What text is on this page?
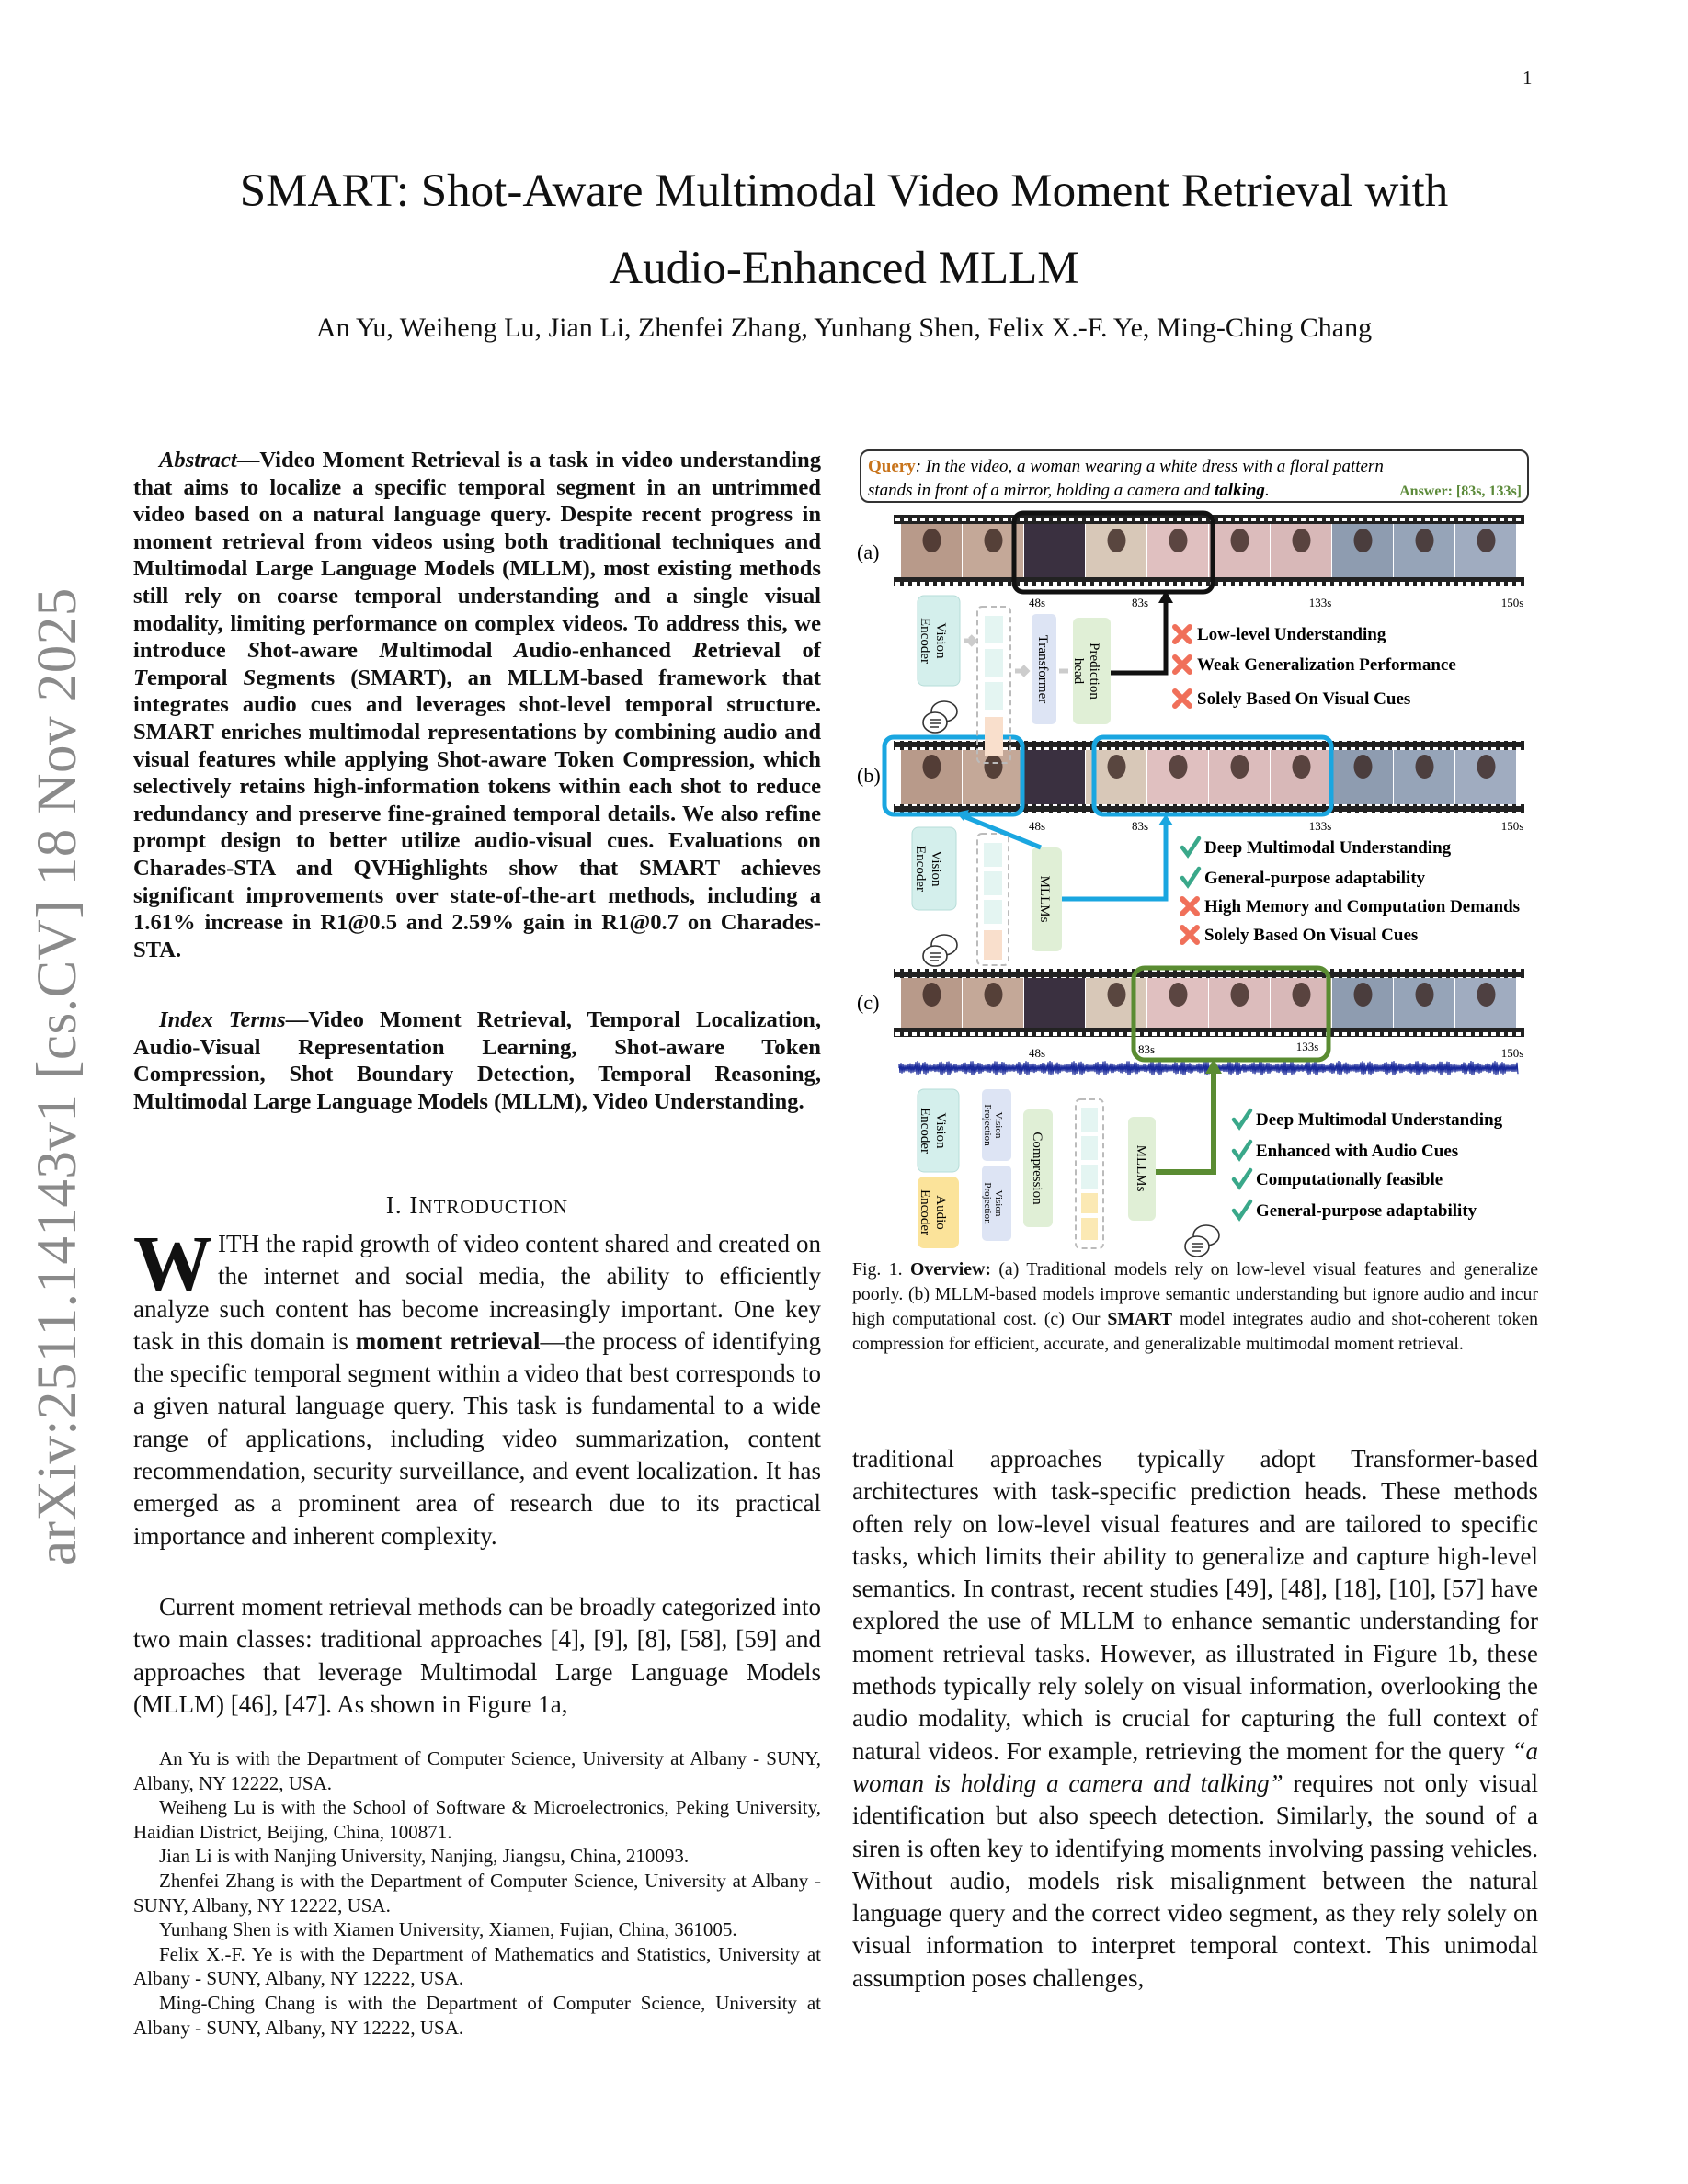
1
SMART: Shot-Aware Multimodal Video Moment Retrieval with
Audio-Enhanced MLLM
An Yu, Weiheng Lu, Jian Li, Zhenfei Zhang, Yunhang Shen, Felix X.-F. Ye, Ming-Ching Chang
arXiv:2511.14143v1 [cs.CV] 18 Nov 2025
Abstract—Video Moment Retrieval is a task in video understanding that aims to localize a specific temporal segment in an untrimmed video based on a natural language query. Despite recent progress in moment retrieval from videos using both traditional techniques and Multimodal Large Language Models (MLLM), most existing methods still rely on coarse temporal understanding and a single visual modality, limiting performance on complex videos. To address this, we introduce Shot-aware Multimodal Audio-enhanced Retrieval of Temporal Segments (SMART), an MLLM-based framework that integrates audio cues and leverages shot-level temporal structure. SMART enriches multimodal representations by combining audio and visual features while applying Shot-aware Token Compression, which selectively retains high-information tokens within each shot to reduce redundancy and preserve fine-grained temporal details. We also refine prompt design to better utilize audio-visual cues. Evaluations on Charades-STA and QVHighlights show that SMART achieves significant improvements over state-of-the-art methods, including a 1.61% increase in R1@0.5 and 2.59% gain in R1@0.7 on Charades-STA.
Index Terms—Video Moment Retrieval, Temporal Localization, Audio-Visual Representation Learning, Shot-aware Token Compression, Shot Boundary Detection, Temporal Reasoning, Multimodal Large Language Models (MLLM), Video Understanding.
I. INTRODUCTION
WITH the rapid growth of video content shared and created on the internet and social media, the ability to efficiently analyze such content has become increasingly important. One key task in this domain is moment retrieval—the process of identifying the specific temporal segment within a video that best corresponds to a given natural language query. This task is fundamental to a wide range of applications, including video summarization, content recommendation, security surveillance, and event localization. It has emerged as a prominent area of research due to its practical importance and inherent complexity.
Current moment retrieval methods can be broadly categorized into two main classes: traditional approaches [4], [9], [8], [58], [59] and approaches that leverage Multimodal Large Language Models (MLLM) [46], [47]. As shown in Figure 1a,

An Yu is with the Department of Computer Science, University at Albany - SUNY, Albany, NY 12222, USA.

Weiheng Lu is with the School of Software & Microelectronics, Peking University, Haidian District, Beijing, China, 100871.

Jian Li is with Nanjing University, Nanjing, Jiangsu, China, 210093.

Zhenfei Zhang is with the Department of Computer Science, University at Albany - SUNY, Albany, NY 12222, USA.

Yunhang Shen is with Xiamen University, Xiamen, Fujian, China, 361005.

Felix X.-F. Ye is with the Department of Mathematics and Statistics, University at Albany - SUNY, Albany, NY 12222, USA.

Ming-Ching Chang is with the Department of Computer Science, University at Albany - SUNY, Albany, NY 12222, USA.

Query: In the video, a woman wearing a white dress with a floral pattern
stands in front of a mirror, holding a camera and talking.	Answer: [83s, 133s]
(a)
(b)
(c)
48s	83s	133s	150s
48s	83s	133s	150s
48s	83s	133s	150s
VisionEncoder	Transformer	Predictionhead
VisionEncoder
MLLMs
VisionEncoder
AudioEncoder
VisionProjection
VisionProjection	Compression	MLLMs
Low-level Understanding
Weak Generalization Performance
Solely Based On Visual Cues
Deep Multimodal Understanding
General-purpose adaptability
High Memory and Computation Demands
Solely Based On Visual Cues
Deep Multimodal Understanding
Enhanced with Audio Cues
Computationally feasible
General-purpose adaptability
Fig. 1. Overview: (a) Traditional models rely on low-level visual features and generalize poorly. (b) MLLM-based models improve semantic understanding but ignore audio and incur high computational cost. (c) Our SMART model integrates audio and shot-coherent token compression for efficient, accurate, and generalizable multimodal moment retrieval.
traditional approaches typically adopt Transformer-based architectures with task-specific prediction heads. These methods often rely on low-level visual features and are tailored to specific tasks, which limits their ability to generalize and capture high-level semantics. In contrast, recent studies [49], [48], [18], [10], [57] have explored the use of MLLM to enhance semantic understanding for moment retrieval tasks. However, as illustrated in Figure 1b, these methods typically rely solely on visual information, overlooking the audio modality, which is crucial for capturing the full context of natural videos. For example, retrieving the moment for the query “a woman is holding a camera and talking” requires not only visual identification but also speech detection. Similarly, the sound of a siren is often key to identifying moments involving passing vehicles. Without audio, models risk misalignment between the natural language query and the correct video segment, as they rely solely on visual information to interpret temporal context. This unimodal assumption poses challenges,
